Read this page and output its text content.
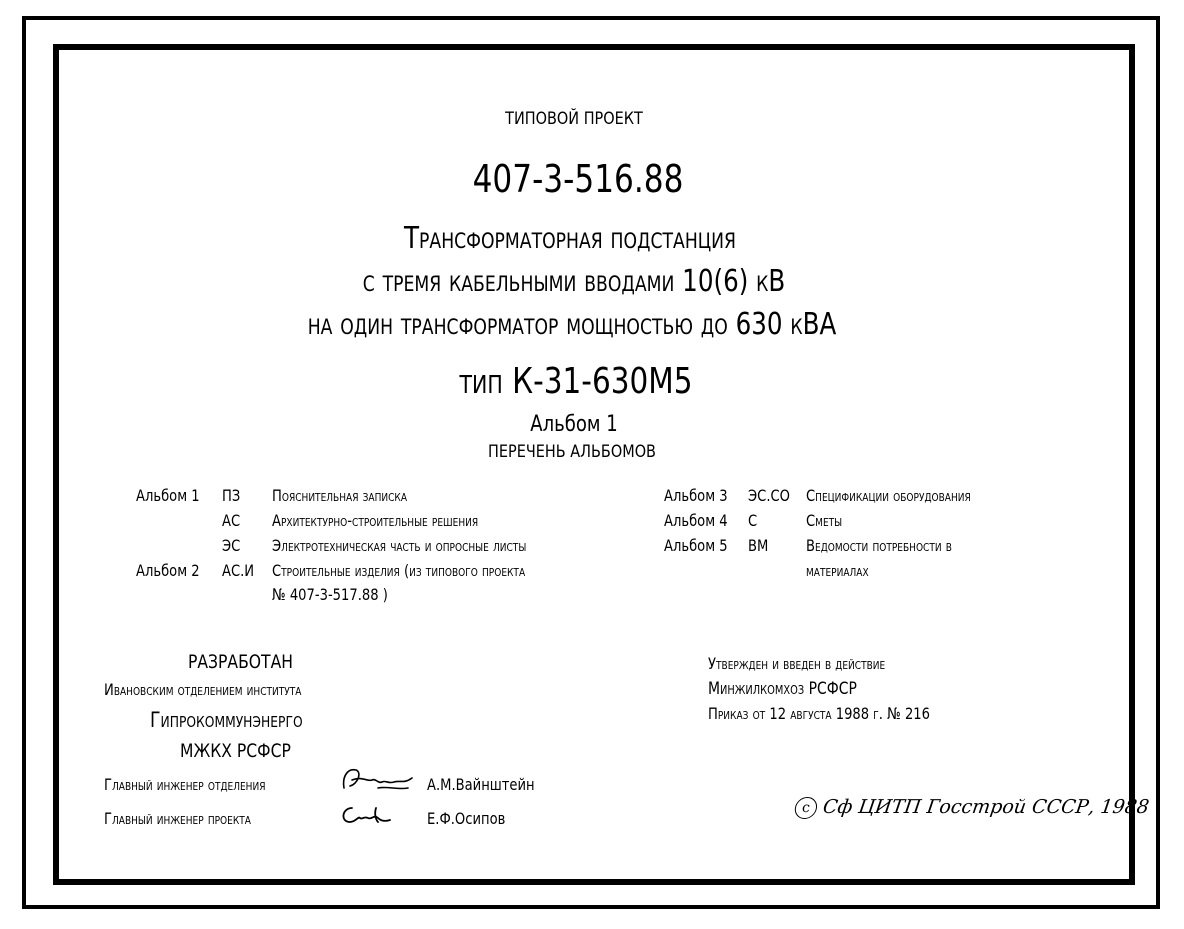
ТИПОВОЙ ПРОЕКТ
407-3-516.88
Трансформаторная подстанция
с тремя кабельными вводами 10(6) кВ
на один трансформатор мощностью до 630 кВА
тип К-31-630М5
Альбом 1
ПЕРЕЧЕНЬ АЛЬБОМОВ
Альбом 1 ПЗ Пояснительная записка
АС Архитектурно-строительные решения
ЭС Электротехническая часть и опросные листы
Альбом 2 АС.И Строительные изделия (из типового проекта
№ 407-3-517.88 )
Альбом 3 ЭС.СО Спецификации оборудования
Альбом 4 С	Сметы
Альбом 5 ВМ Ведомости потребности в
материалах
РАЗРАБОТАН
Ивановским отделением института
Гипрокоммунэнерго
МЖКХ РСФСР
Главный инженер отделения	А.М.Вайнштейн
Главный инженер проекта	Е.Ф.Осипов
Утвержден и введен в действие
Минжилкомхоз РСФСР
Приказ от 12 августа 1988 г. № 216
с Сф ЦИТП Госстрой СССР, 1988
